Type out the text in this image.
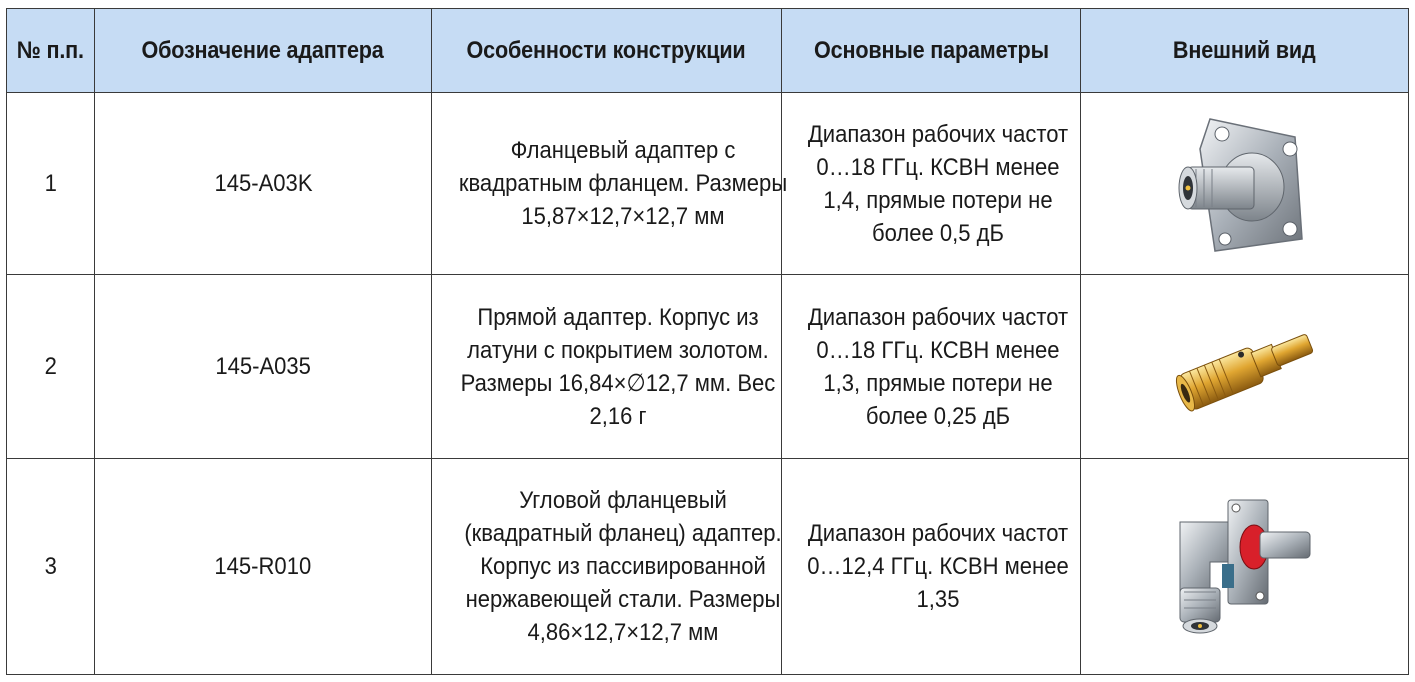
№ п.п.	Обозначение адаптера	Особенности конструкции	Основные параметры	Внешний вид
1	145-A03K	Фланцевый адаптер с квадратным фланцем. Размеры 15,87×12,7×12,7 мм	Диапазон рабочих частот 0…18 ГГц. КСВН менее 1,4, прямые потери не более 0,5 дБ	

2	145-A035	Прямой адаптер. Корпус из латуни с покрытием золотом. Размеры 16,84×∅12,7 мм. Вес 2,16 г	Диапазон рабочих частот 0…18 ГГц. КСВН менее 1,3, прямые потери не более 0,25 дБ	

3	145-R010	Угловой фланцевый (квадратный фланец) адаптер. Корпус из пассивированной нержавеющей стали. Размеры 4,86×12,7×12,7 мм	Диапазон рабочих частот 0…12,4 ГГц. КСВН менее 1,35	
